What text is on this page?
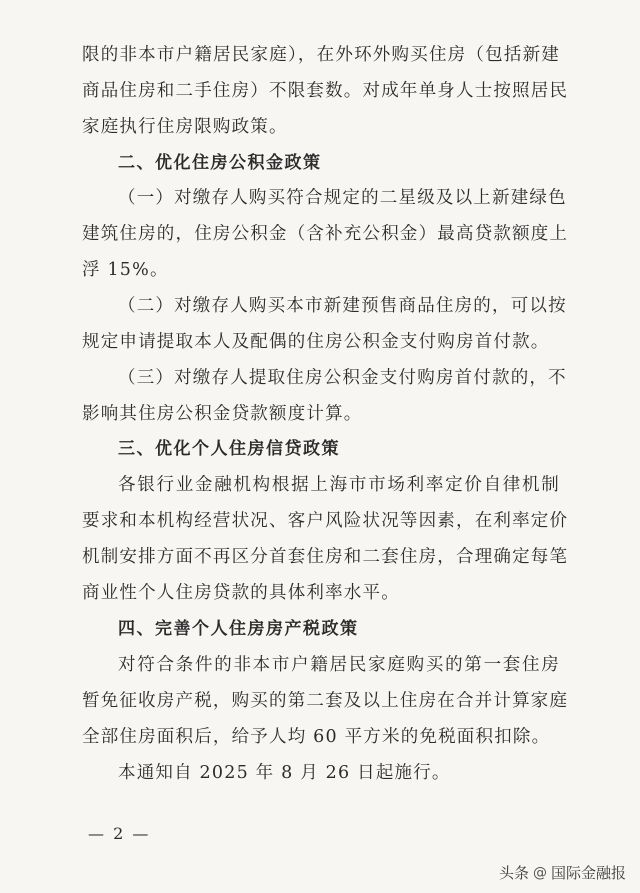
限的非本市户籍居民家庭），在外环外购买住房（包括新建
商品住房和二手住房）不限套数。对成年单身人士按照居民
家庭执行住房限购政策。
二、优化住房公积金政策
（一）对缴存人购买符合规定的二星级及以上新建绿色
建筑住房的，住房公积金（含补充公积金）最高贷款额度上
浮 15%。
（二）对缴存人购买本市新建预售商品住房的，可以按
规定申请提取本人及配偶的住房公积金支付购房首付款。
（三）对缴存人提取住房公积金支付购房首付款的，不
影响其住房公积金贷款额度计算。
三、优化个人住房信贷政策
各银行业金融机构根据上海市市场利率定价自律机制
要求和本机构经营状况、客户风险状况等因素，在利率定价
机制安排方面不再区分首套住房和二套住房，合理确定每笔
商业性个人住房贷款的具体利率水平。
四、完善个人住房房产税政策
对符合条件的非本市户籍居民家庭购买的第一套住房
暂免征收房产税，购买的第二套及以上住房在合并计算家庭
全部住房面积后，给予人均 60 平方米的免税面积扣除。
本通知自 2025 年 8 月 26 日起施行。
— 2 —
头条 @ 国际金融报
